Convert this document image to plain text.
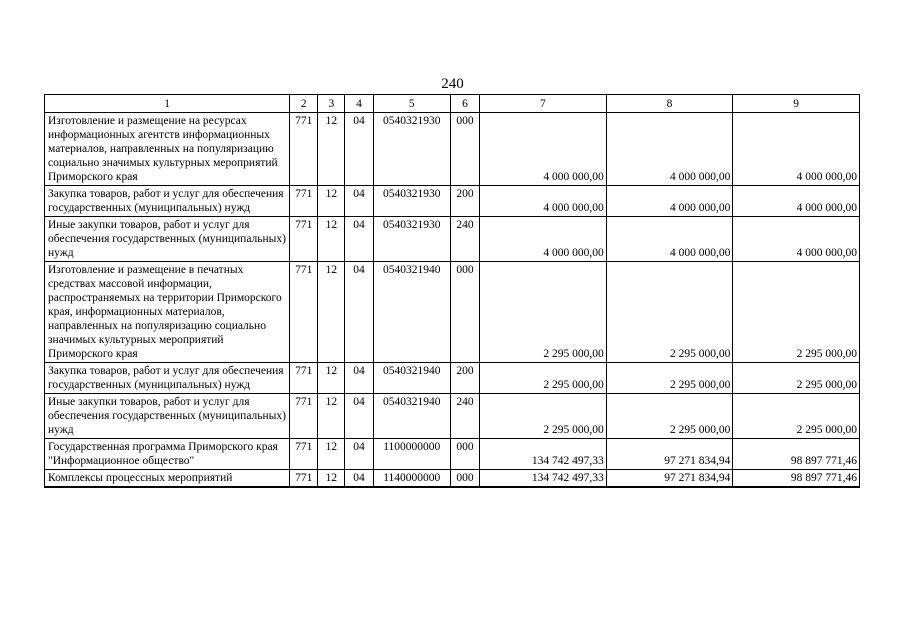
240
1	2	3	4	5	6	7	8	9
Изготовление и размещение на ресурсах информационных агентств информационных материалов, направленных на популяризацию социально значимых культурных мероприятий Приморского края	771	12	04	0540321930	000	4 000 000,00	4 000 000,00	4 000 000,00
Закупка товаров, работ и услуг для обеспечения государственных (муниципальных) нужд	771	12	04	0540321930	200	4 000 000,00	4 000 000,00	4 000 000,00
Иные закупки товаров, работ и услуг для обеспечения государственных (муниципальных) нужд	771	12	04	0540321930	240	4 000 000,00	4 000 000,00	4 000 000,00
Изготовление и размещение в печатных средствах массовой информации, распространяемых на территории Приморского края, информационных материалов, направленных на популяризацию социально значимых культурных мероприятий Приморского края	771	12	04	0540321940	000	2 295 000,00	2 295 000,00	2 295 000,00
Закупка товаров, работ и услуг для обеспечения государственных (муниципальных) нужд	771	12	04	0540321940	200	2 295 000,00	2 295 000,00	2 295 000,00
Иные закупки товаров, работ и услуг для обеспечения государственных (муниципальных) нужд	771	12	04	0540321940	240	2 295 000,00	2 295 000,00	2 295 000,00
Государственная программа Приморского края "Информационное общество"	771	12	04	1100000000	000	134 742 497,33	97 271 834,94	98 897 771,46
Комплексы процессных мероприятий	771	12	04	1140000000	000	134 742 497,33	97 271 834,94	98 897 771,46
